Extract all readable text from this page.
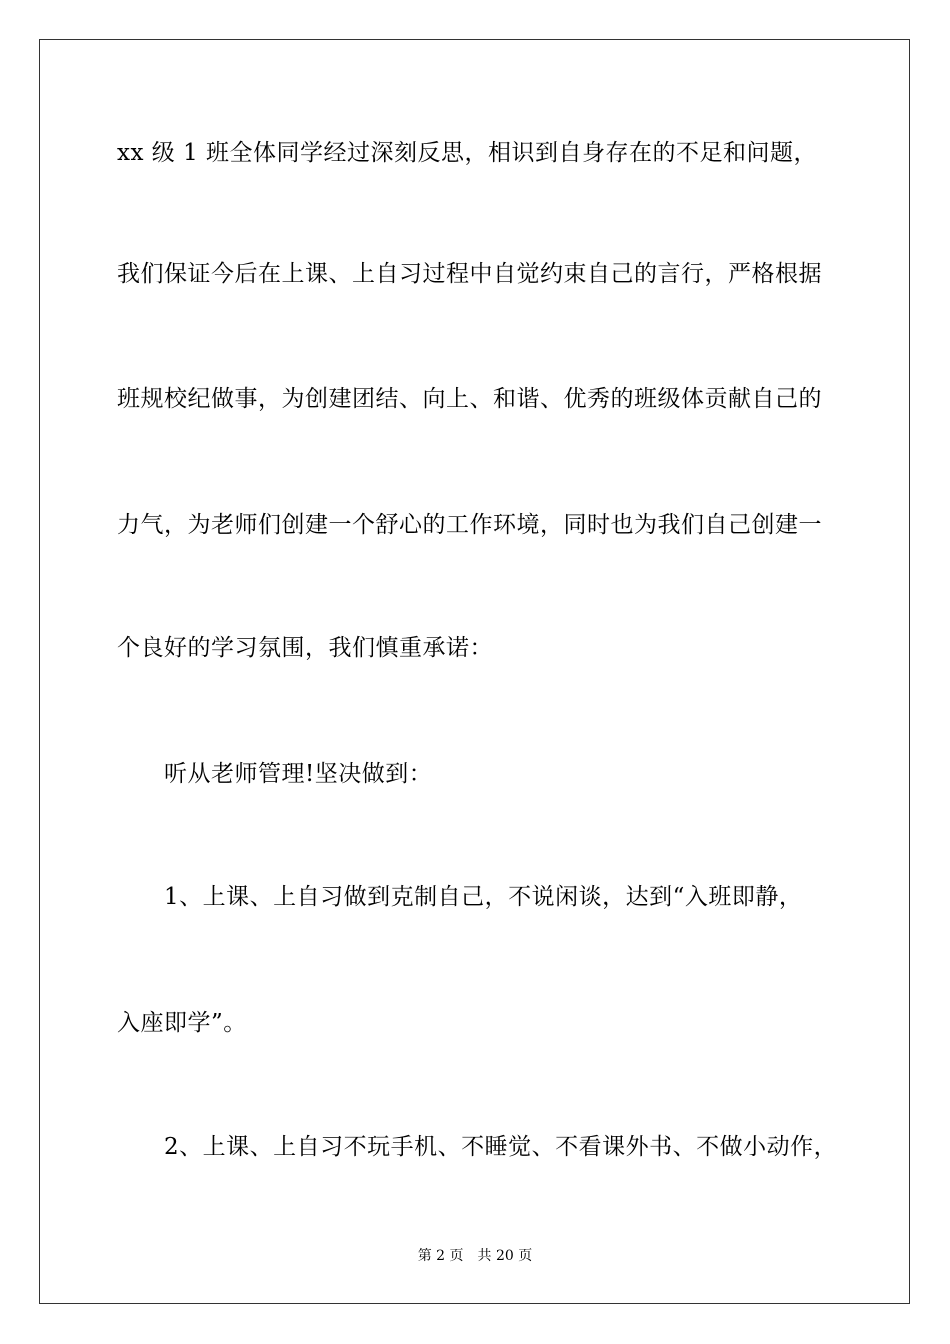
xx 级 1 班全体同学经过深刻反思，相识到自身存在的不足和问题，
我们保证今后在上课、上自习过程中自觉约束自己的言行，严格根据
班规校纪做事，为创建团结、向上、和谐、优秀的班级体贡献自己的
力气，为老师们创建一个舒心的工作环境，同时也为我们自己创建一
个良好的学习氛围，我们慎重承诺：
听从老师管理!坚决做到：
1、上课、上自习做到克制自己，不说闲谈，达到“入班即静，
入座即学”。
2、上课、上自习不玩手机、不睡觉、不看课外书、不做小动作，
第 2 页　共 20 页
